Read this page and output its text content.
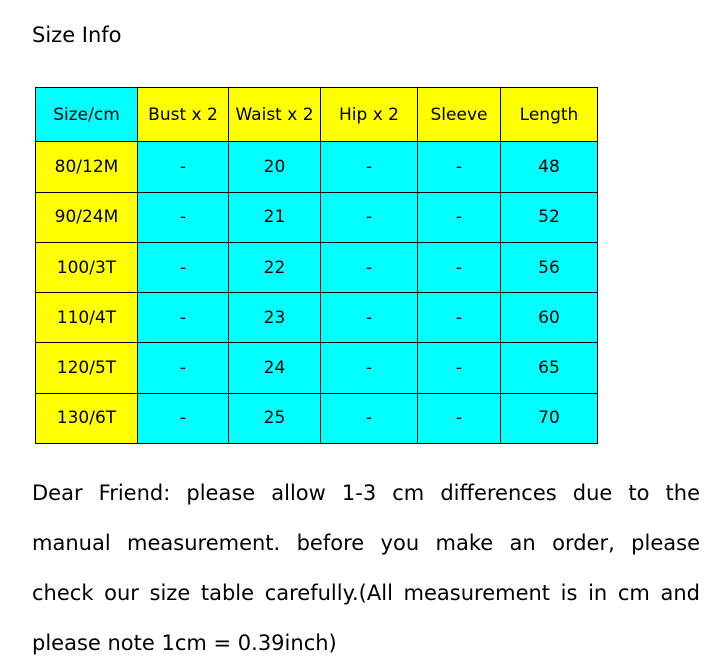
Size Info
Size/cm	Bust x 2	Waist x 2	Hip x 2	Sleeve	Length
80/12M	-	20	-	-	48
90/24M	-	21	-	-	52
100/3T	-	22	-	-	56
110/4T	-	23	-	-	60
120/5T	-	24	-	-	65
130/6T	-	25	-	-	70

Dear Friend: please allow 1-3 cm differences due to the manual measurement. before you make an order, please check our size table carefully.(All measurement is in cm and please note 1cm = 0.39inch)
